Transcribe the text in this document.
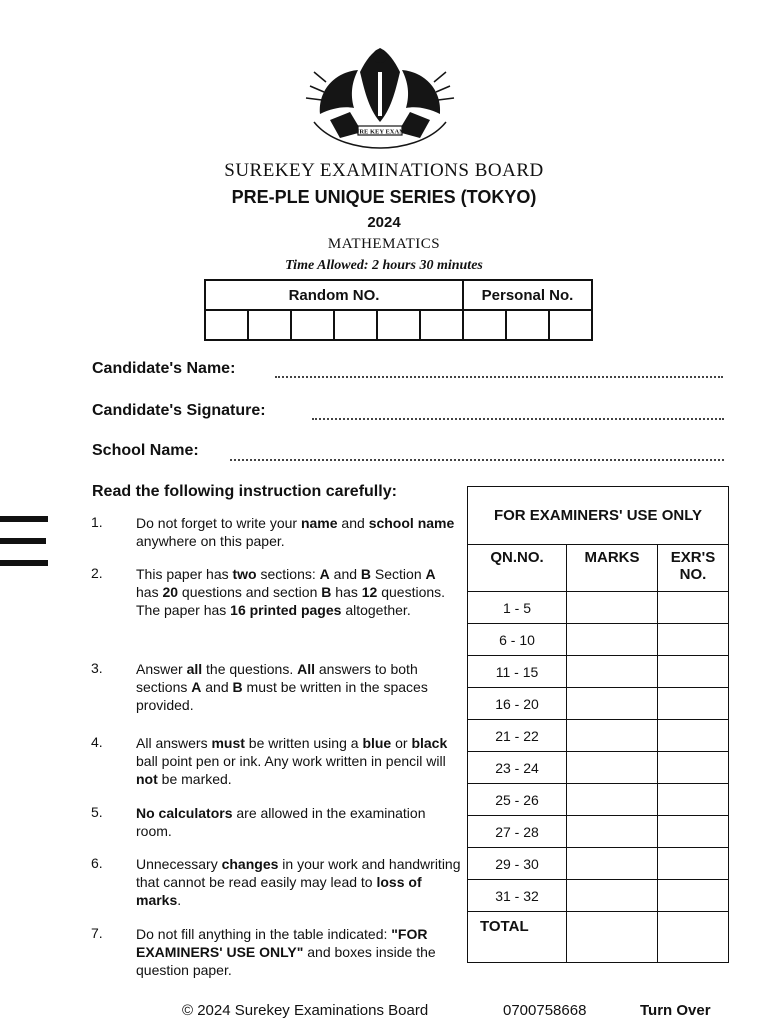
SURE KEY EXAMS
SUREKEY EXAMINATIONS BOARD
PRE-PLE UNIQUE SERIES (TOKYO)
2024
MATHEMATICS
Time Allowed: 2 hours 30 minutes
Random NO.						Personal No.		

Candidate's Name:
Candidate's Signature:
School Name:
Read the following instruction carefully:
1. Do not forget to write your name and school name anywhere on this paper.
2. This paper has two sections: A and B Section A has 20 questions and section B has 12 questions. The paper has 16 printed pages altogether.
3. Answer all the questions. All answers to both sections A and B must be written in the spaces provided.
4. All answers must be written using a blue or black ball point pen or ink. Any work written in pencil will not be marked.
5. No calculators are allowed in the examination room.
6. Unnecessary changes in your work and handwriting that cannot be read easily may lead to loss of marks.
7. Do not fill anything in the table indicated: "FOR EXAMINERS' USE ONLY" and boxes inside the question paper.
FOR EXAMINERS' USE ONLY		
QN.NO.	MARKS	EXR'S NO.
1 - 5		
6 - 10		
11 - 15		
16 - 20		
21 - 22		
23 - 24		
25 - 26		
27 - 28		
29 - 30		
31 - 32		
TOTAL		
© 2024 Surekey Examinations Board	0700758668	Turn Over
